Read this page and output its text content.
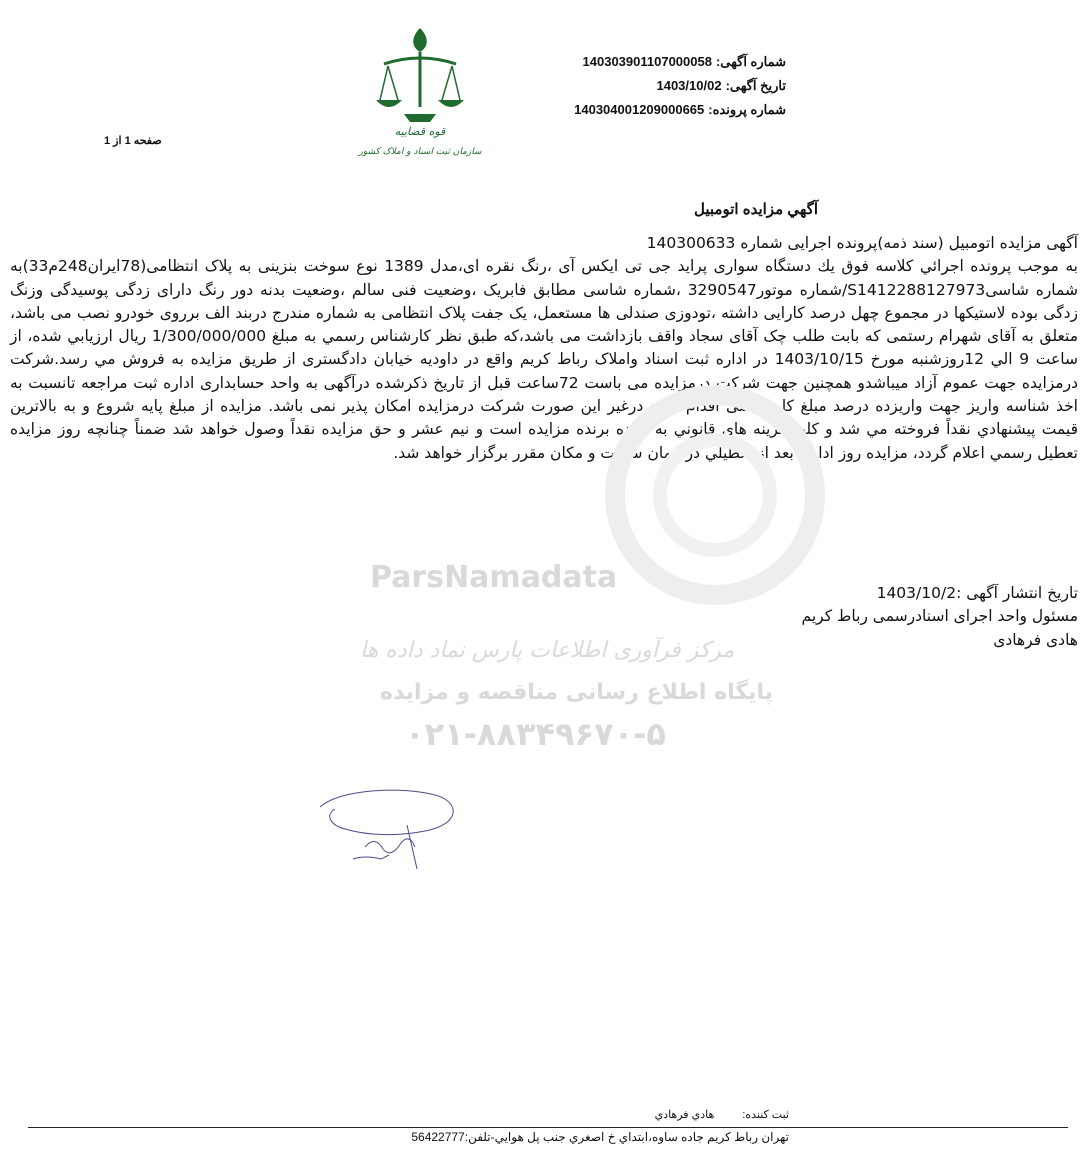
شماره آگهی:14030390110700005​8
تاریخ آگهی:1403/10/02
شماره پرونده:140304001209000665
قوه قضاییه
سازمان ثبت اسناد و املاک کشور
صفحه 1 از 1
آگهي مزايده اتومبيل

آگهی مزایده اتومبیل (سند ذمه)پرونده اجرایی شماره 140300633
به موجب پرونده اجرائي كلاسه فوق يك دستگاه سواری پراید جی تی ایکس آی ،رنگ نقره ای،مدل 1389 نوع سوخت بنزینی به پلاک انتظامی(78ایران248م33)به شماره شاسیS1412288127973/شماره موتور3290547 ،شماره شاسی مطابق فابریک ،وضعیت فنی سالم ،وضعیت بدنه دور رنگ دارای زدگی پوسیدگی وزنگ زدگی بوده لاستیکها در مجموع چهل درصد کارایی داشته ،تودوزی صندلی ها مستعمل، یک جفت پلاک انتظامی به شماره مندرج دربند الف برروی خودرو نصب می باشد، متعلق به آقای شهرام رستمی که بابت طلب چک آقای سجاد واقف بازداشت می باشد،كه طبق نظر کارشناس رسمي به مبلغ 1/300/000/000 ريال ارزيابي شده، از ساعت 9 الي 12روزشنبه مورخ 1403/10/15 در اداره ثبت اسناد واملاک رباط کریم واقع در داودیه خیابان دادگستری از طريق مزايده به فروش مي رسد.شركت درمزايده جهت عموم آزاد ميباشدو همچنين جهت شرکت درمزایده می باست 72ساعت قبل از تاریخ ذکرشده درآگهی به واحد حسابداری اداره ثبت مراجعه تانسبت به اخذ شناسه واریز جهت واریزده درصد مبلغ کارشناسی اقدام گردد درغیر این صورت شرکت درمزایده امکان پذیر نمی باشد. مزايده از مبلغ پايه شروع و به بالاترين قيمت پيشنهادي نقداً فروخته مي شد و كليه هزينه هاي قانوني به عهده برنده مزايده است و نيم عشر و حق مزايده نقداً وصول خواهد شد ضمناً چنانچه روز مزايده تعطيل رسمي اعلام گردد، مزايده روز اداري بعد از تعطيلي در همان ساعت و مكان مقرر برگزار خواهد شد.

تاریخ انتشار آگهی :1403/10/2
مسئول واحد اجرای اسنادرسمی رباط کریم
هادی فرهادی
ParsNamadata
مرکز فرآوری اطلاعات پارس نماد داده ها
پایگاه اطلاع رسانی مناقصه و مزایده
۰۲۱-۸۸۳۴۹۶۷۰-۵
ثبت کننده:هادي فرهادي
تهران رباط كريم جاده ساوه،ابتداي خ اصغري جنب پل هوايي-تلفن:56422777
